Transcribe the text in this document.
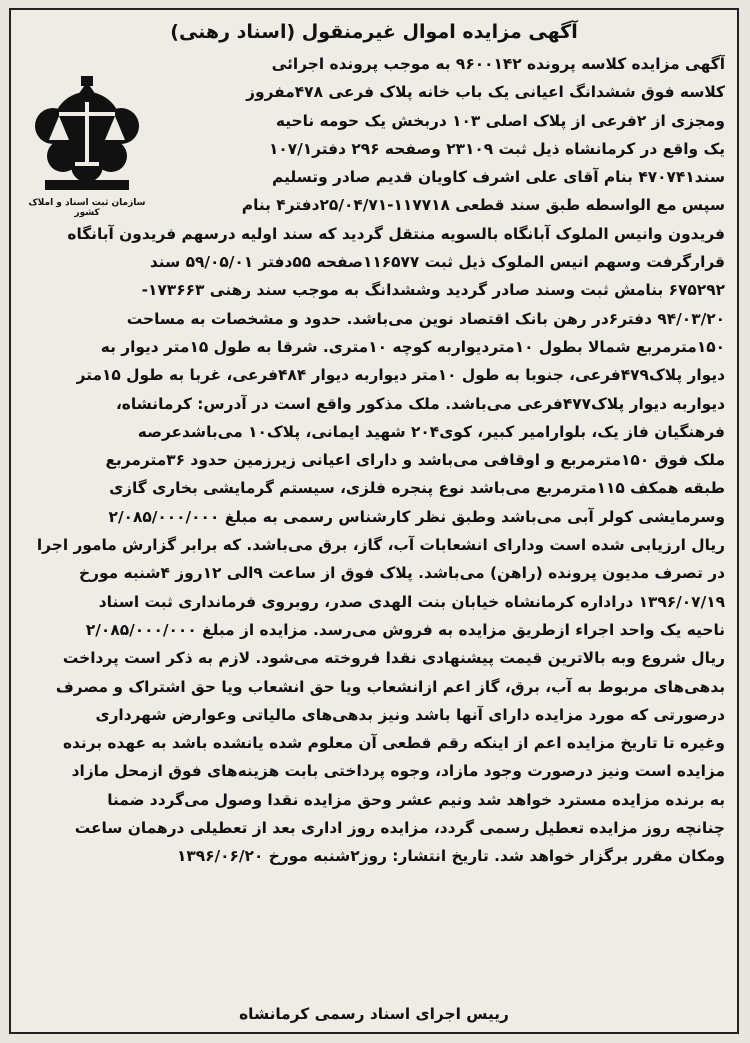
آگهی مزایده اموال غیرمنقول (اسناد رهنی)
سازمان ثبت اسناد و املاک کشور
آگهی مزایده کلاسه پرونده ۹۶۰۰۱۴۲ به موجب پرونده اجرائی
کلاسه فوق ششدانگ اعیانی یک باب خانه پلاک فرعی ۴۷۸مفروز
ومجزی از ۲فرعی از پلاک اصلی ۱۰۳ دربخش یک حومه ناحیه
یک واقع در کرمانشاه ذیل ثبت ۲۳۱۰۹ وصفحه ۲۹۶ دفتر۱۰۷/۱
سند۴۷۰۷۴۱ بنام آقای علی اشرف کاویان قدیم صادر وتسلیم
سپس مع الواسطه طبق سند قطعی ۱۱۷۷۱۸-۲۵/۰۴/۷۱دفتر۴ بنام
فریدون وانیس الملوک آبانگاه بالسویه منتقل گردید که سند اولیه درسهم فریدون آبانگاه
قرارگرفت وسهم انیس الملوک ذیل ثبت ۱۱۶۵۷۷صفحه ۵۵دفتر ۵۹/۰۵/۰۱ سند
۶۷۵۲۹۲ بنامش ثبت وسند صادر گردید وششدانگ به موجب سند رهنی ۱۷۳۶۶۳-
۹۴/۰۳/۲۰ دفتر۶در رهن بانک اقتصاد نوین می‌باشد. حدود و مشخصات به مساحت
۱۵۰مترمربع شمالا بطول ۱۰متردیواربه کوچه ۱۰متری. شرقا به طول ۱۵متر دیوار به
دیوار پلاک۴۷۹فرعی، جنوبا به طول ۱۰متر دیواربه دیوار ۴۸۴فرعی، غربا به طول ۱۵متر
دیواربه دیوار پلاک۴۷۷فرعی می‌باشد. ملک مذکور واقع است در آدرس: کرمانشاه،
فرهنگیان فاز یک، بلوارامیر کبیر، کوی۲۰۴ شهید ایمانی، پلاک۱۰ می‌باشدعرصه
ملک فوق ۱۵۰مترمربع و اوقافی می‌باشد و دارای اعیانی زیرزمین حدود ۳۶مترمربع
طبقه همکف ۱۱۵مترمربع می‌باشد نوع پنجره فلزی، سیستم گرمایشی بخاری گازی
وسرمایشی کولر آبی می‌باشد وطبق نظر کارشناس رسمی به مبلغ ۲/۰۸۵/۰۰۰/۰۰۰
ریال ارزیابی شده است ودارای انشعابات آب، گاز، برق می‌باشد. که برابر گزارش مامور اجرا
در تصرف مدیون پرونده (راهن) می‌باشد. پلاک فوق از ساعت ۹الی ۱۲روز ۴شنبه مورخ
۱۳۹۶/۰۷/۱۹ دراداره کرمانشاه خیابان بنت الهدی صدر، روبروی فرمانداری ثبت اسناد
ناحیه یک واحد اجراء ازطریق مزایده به فروش می‌رسد. مزایده از مبلغ ۲/۰۸۵/۰۰۰/۰۰۰
ریال شروع وبه بالاترین قیمت پیشنهادی نقدا فروخته می‌شود. لازم به ذکر است پرداخت
بدهی‌های مربوط به آب، برق، گاز اعم ازانشعاب ویا حق انشعاب ویا حق اشتراک و مصرف
درصورتی که مورد مزایده دارای آنها باشد ونیز بدهی‌های مالیاتی وعوارض شهرداری
وغیره تا تاریخ مزایده اعم از اینکه رقم قطعی آن معلوم شده یانشده باشد به عهده برنده
مزایده است ونیز درصورت وجود مازاد، وجوه پرداختی بابت هزینه‌های فوق ازمحل مازاد
به برنده مزایده مسترد خواهد شد ونیم عشر وحق مزایده نقدا وصول می‌گردد ضمنا
چنانچه روز مزایده تعطیل رسمی گردد، مزایده روز اداری بعد از تعطیلی درهمان ساعت
ومکان مقرر برگزار خواهد شد. تاریخ انتشار: روز۲شنبه مورخ ۱۳۹۶/۰۶/۲۰
رییس اجرای اسناد رسمی کرمانشاه
